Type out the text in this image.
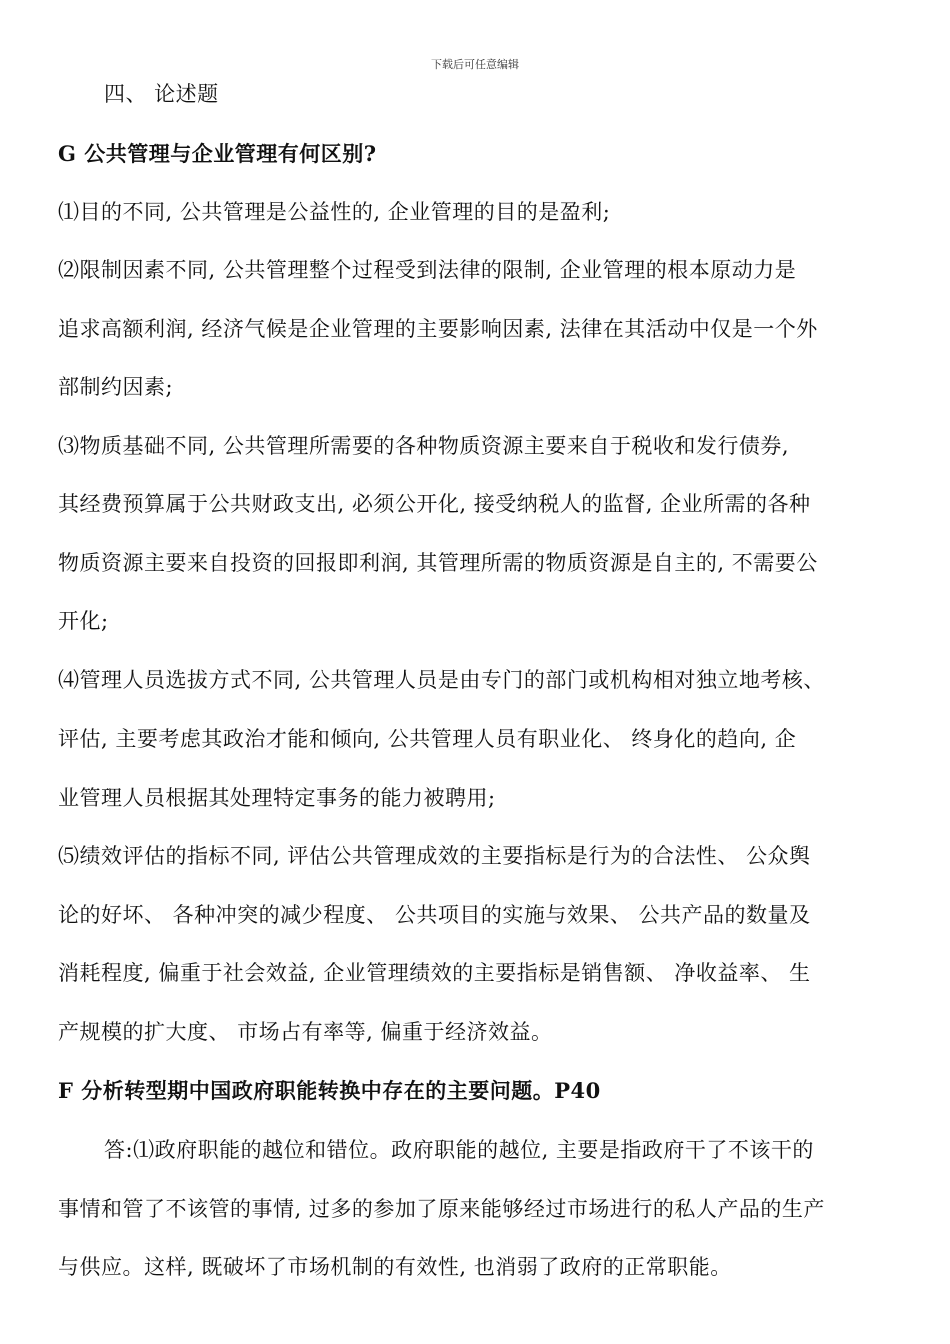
下载后可任意编辑
四、 论述题
G 公共管理与企业管理有何区别?
⑴目的不同, 公共管理是公益性的, 企业管理的目的是盈利;
⑵限制因素不同, 公共管理整个过程受到法律的限制, 企业管理的根本原动力是
追求高额利润, 经济气候是企业管理的主要影响因素, 法律在其活动中仅是一个外
部制约因素;
⑶物质基础不同, 公共管理所需要的各种物质资源主要来自于税收和发行债券,
其经费预算属于公共财政支出, 必须公开化, 接受纳税人的监督, 企业所需的各种
物质资源主要来自投资的回报即利润, 其管理所需的物质资源是自主的, 不需要公
开化;
⑷管理人员选拔方式不同, 公共管理人员是由专门的部门或机构相对独立地考核、
评估, 主要考虑其政治才能和倾向, 公共管理人员有职业化、 终身化的趋向, 企
业管理人员根据其处理特定事务的能力被聘用;
⑸绩效评估的指标不同, 评估公共管理成效的主要指标是行为的合法性、 公众舆
论的好坏、 各种冲突的减少程度、 公共项目的实施与效果、 公共产品的数量及
消耗程度, 偏重于社会效益, 企业管理绩效的主要指标是销售额、 净收益率、 生
产规模的扩大度、 市场占有率等, 偏重于经济效益。
F 分析转型期中国政府职能转换中存在的主要问题。P40
答:⑴政府职能的越位和错位。政府职能的越位, 主要是指政府干了不该干的
事情和管了不该管的事情, 过多的参加了原来能够经过市场进行的私人产品的生产
与供应。这样, 既破坏了市场机制的有效性, 也消弱了政府的正常职能。
